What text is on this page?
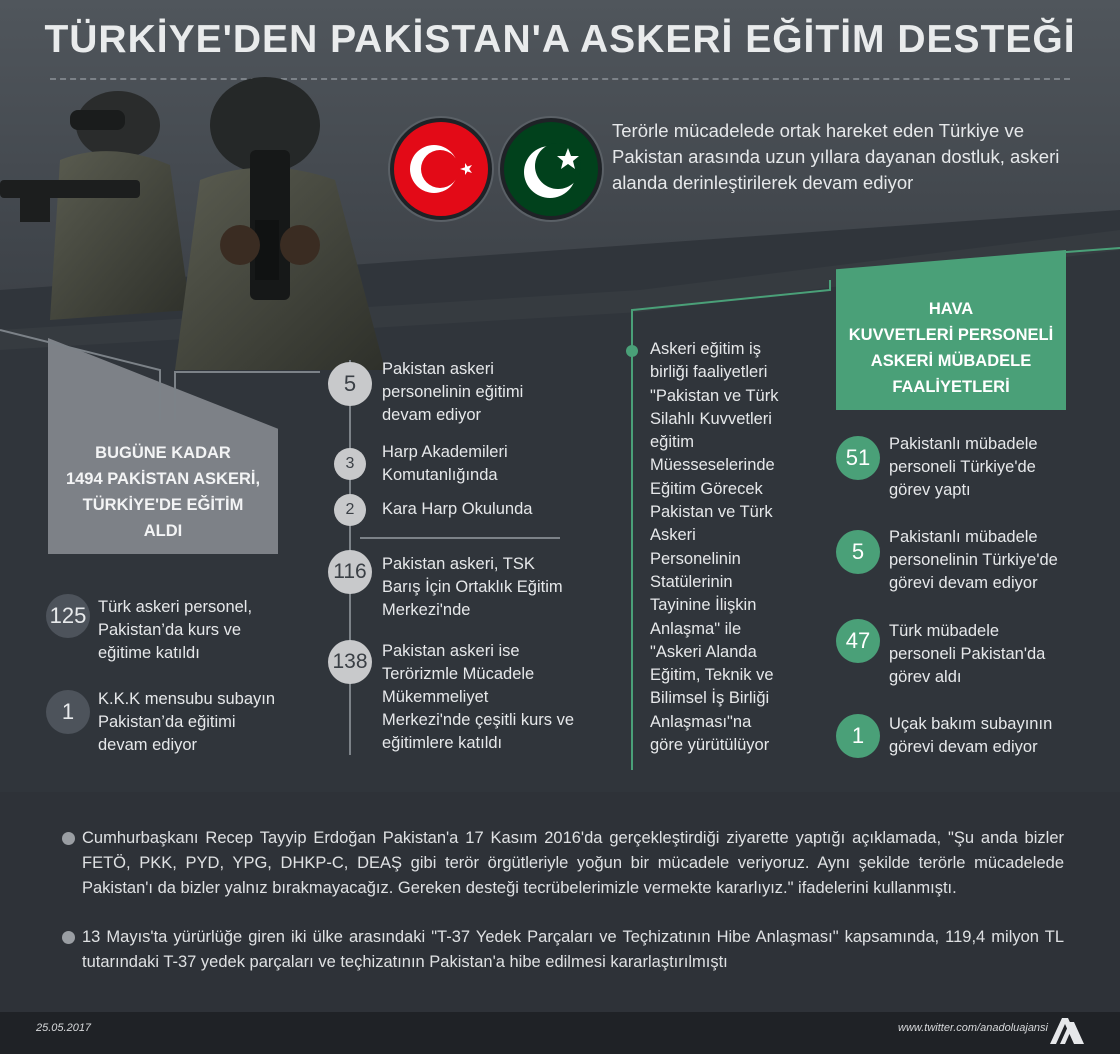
TÜRKİYE'DEN PAKİSTAN'A ASKERİ EĞİTİM DESTEĞİ
Terörle mücadelede ortak hareket eden Türkiye ve Pakistan arasında uzun yıllara dayanan dostluk, askeri alanda derinleştirilerek devam ediyor
BUGÜNE KADAR
1494 PAKİSTAN ASKERİ,
TÜRKİYE'DE EĞİTİM
ALDI
125 Türk askeri personel,
Pakistan’da kurs ve
eğitime katıldı
1	K.K.K mensubu subayın
Pakistan’da eğitimi
devam ediyor
5
Pakistan askeri
personelinin eğitimi
devam ediyor
3
Harp Akademileri
Komutanlığında
2	Kara Harp Okulunda
116 Pakistan askeri, TSK
Barış İçin Ortaklık Eğitim
Merkezi'nde
138 Pakistan askeri ise
Terörizmle Mücadele
Mükemmeliyet
Merkezi'nde çeşitli kurs ve
eğitimlere katıldı
Askeri eğitim iş
birliği faaliyetleri
"Pakistan ve Türk
Silahlı Kuvvetleri
eğitim
Müesseselerinde
Eğitim Görecek
Pakistan ve Türk
Askeri
Personelinin
Statülerinin
Tayinine İlişkin
Anlaşma" ile
"Askeri Alanda
Eğitim, Teknik ve
Bilimsel İş Birliği
Anlaşması"na
göre yürütülüyor
HAVA
KUVVETLERİ PERSONELİ
ASKERİ MÜBADELE
FAALİYETLERİ
51
Pakistanlı mübadele
personeli Türkiye'de
görev yaptı
5
Pakistanlı mübadele
personelinin Türkiye'de
görevi devam ediyor
47	Türk mübadele
personeli Pakistan'da
görev aldı
1	Uçak bakım subayının
görevi devam ediyor
Cumhurbaşkanı Recep Tayyip Erdoğan Pakistan'a 17 Kasım 2016'da gerçekleştirdiği ziyarette yaptığı açıklamada, "Şu anda bizler FETÖ, PKK, PYD, YPG, DHKP-C, DEAŞ gibi terör örgütleriyle yoğun bir mücadele veriyoruz. Aynı şekilde terörle mücadelede Pakistan'ı da bizler yalnız bırakmayacağız. Gereken desteği tecrübelerimizle vermekte kararlıyız." ifadelerini kullanmıştı.
13 Mayıs'ta yürürlüğe giren iki ülke arasındaki "T-37 Yedek Parçaları ve Teçhizatının Hibe Anlaşması" kapsamında, 119,4 milyon TL tutarındaki T-37 yedek parçaları ve teçhizatının Pakistan'a hibe edilmesi kararlaştırılmıştı
25.05.2017	www.twitter.com/anadoluajansi
